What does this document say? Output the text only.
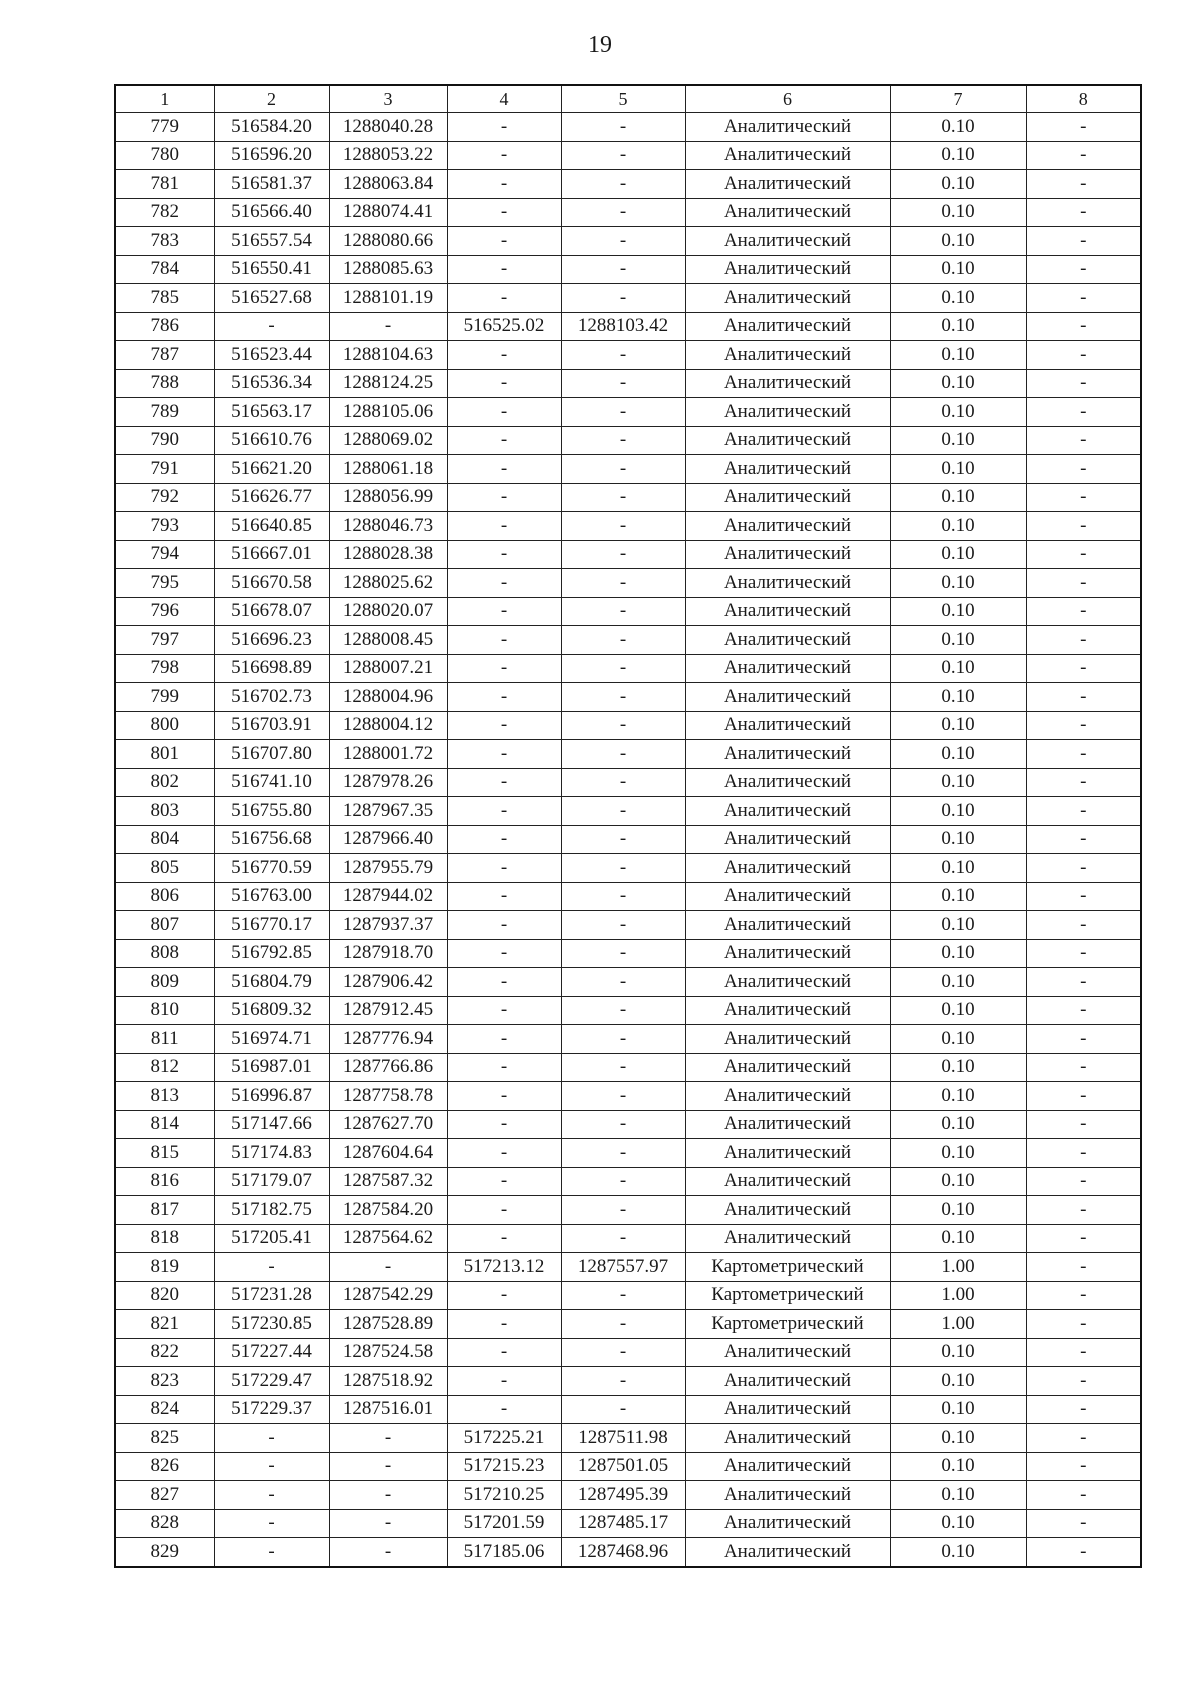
19
1	2	3	4	5	6	7	8
779	516584.20	1288040.28	-	-	Аналитический	0.10	-
780	516596.20	1288053.22	-	-	Аналитический	0.10	-
781	516581.37	1288063.84	-	-	Аналитический	0.10	-
782	516566.40	1288074.41	-	-	Аналитический	0.10	-
783	516557.54	1288080.66	-	-	Аналитический	0.10	-
784	516550.41	1288085.63	-	-	Аналитический	0.10	-
785	516527.68	1288101.19	-	-	Аналитический	0.10	-
786	-	-	516525.02	1288103.42	Аналитический	0.10	-
787	516523.44	1288104.63	-	-	Аналитический	0.10	-
788	516536.34	1288124.25	-	-	Аналитический	0.10	-
789	516563.17	1288105.06	-	-	Аналитический	0.10	-
790	516610.76	1288069.02	-	-	Аналитический	0.10	-
791	516621.20	1288061.18	-	-	Аналитический	0.10	-
792	516626.77	1288056.99	-	-	Аналитический	0.10	-
793	516640.85	1288046.73	-	-	Аналитический	0.10	-
794	516667.01	1288028.38	-	-	Аналитический	0.10	-
795	516670.58	1288025.62	-	-	Аналитический	0.10	-
796	516678.07	1288020.07	-	-	Аналитический	0.10	-
797	516696.23	1288008.45	-	-	Аналитический	0.10	-
798	516698.89	1288007.21	-	-	Аналитический	0.10	-
799	516702.73	1288004.96	-	-	Аналитический	0.10	-
800	516703.91	1288004.12	-	-	Аналитический	0.10	-
801	516707.80	1288001.72	-	-	Аналитический	0.10	-
802	516741.10	1287978.26	-	-	Аналитический	0.10	-
803	516755.80	1287967.35	-	-	Аналитический	0.10	-
804	516756.68	1287966.40	-	-	Аналитический	0.10	-
805	516770.59	1287955.79	-	-	Аналитический	0.10	-
806	516763.00	1287944.02	-	-	Аналитический	0.10	-
807	516770.17	1287937.37	-	-	Аналитический	0.10	-
808	516792.85	1287918.70	-	-	Аналитический	0.10	-
809	516804.79	1287906.42	-	-	Аналитический	0.10	-
810	516809.32	1287912.45	-	-	Аналитический	0.10	-
811	516974.71	1287776.94	-	-	Аналитический	0.10	-
812	516987.01	1287766.86	-	-	Аналитический	0.10	-
813	516996.87	1287758.78	-	-	Аналитический	0.10	-
814	517147.66	1287627.70	-	-	Аналитический	0.10	-
815	517174.83	1287604.64	-	-	Аналитический	0.10	-
816	517179.07	1287587.32	-	-	Аналитический	0.10	-
817	517182.75	1287584.20	-	-	Аналитический	0.10	-
818	517205.41	1287564.62	-	-	Аналитический	0.10	-
819	-	-	517213.12	1287557.97	Картометрический	1.00	-
820	517231.28	1287542.29	-	-	Картометрический	1.00	-
821	517230.85	1287528.89	-	-	Картометрический	1.00	-
822	517227.44	1287524.58	-	-	Аналитический	0.10	-
823	517229.47	1287518.92	-	-	Аналитический	0.10	-
824	517229.37	1287516.01	-	-	Аналитический	0.10	-
825	-	-	517225.21	1287511.98	Аналитический	0.10	-
826	-	-	517215.23	1287501.05	Аналитический	0.10	-
827	-	-	517210.25	1287495.39	Аналитический	0.10	-
828	-	-	517201.59	1287485.17	Аналитический	0.10	-
829	-	-	517185.06	1287468.96	Аналитический	0.10	-
